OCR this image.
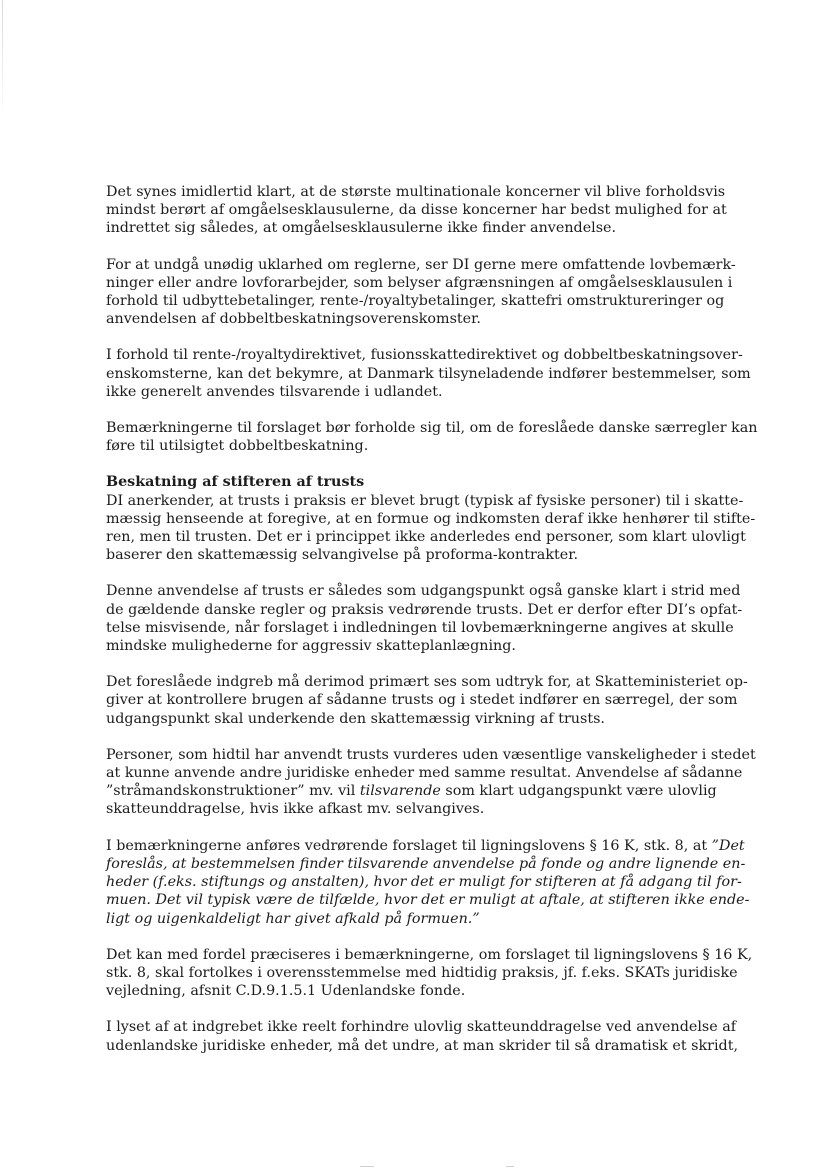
Det synes imidlertid klart, at de største multinationale koncerner vil blive forholdsvis
mindst berørt af omgåelsesklausulerne, da disse koncerner har bedst mulighed for at
indrettet sig således, at omgåelsesklausulerne ikke finder anvendelse.

For at undgå unødig uklarhed om reglerne, ser DI gerne mere omfattende lovbemærk-
ninger eller andre lovforarbejder, som belyser afgrænsningen af omgåelsesklausulen i
forhold til udbyttebetalinger, rente-/royaltybetalinger, skattefri omstruktureringer og
anvendelsen af dobbeltbeskatningsoverenskomster.

I forhold til rente-/royaltydirektivet, fusionsskattedirektivet og dobbeltbeskatningsover-
enskomsterne, kan det bekymre, at Danmark tilsyneladende indfører bestemmelser, som
ikke generelt anvendes tilsvarende i udlandet.

Bemærkningerne til forslaget bør forholde sig til, om de foreslåede danske særregler kan
føre til utilsigtet dobbeltbeskatning.

Beskatning af stifteren af trusts
DI anerkender, at trusts i praksis er blevet brugt (typisk af fysiske personer) til i skatte-
mæssig henseende at foregive, at en formue og indkomsten deraf ikke henhører til stifte-
ren, men til trusten. Det er i princippet ikke anderledes end personer, som klart ulovligt
baserer den skattemæssig selvangivelse på proforma-kontrakter.

Denne anvendelse af trusts er således som udgangspunkt også ganske klart i strid med
de gældende danske regler og praksis vedrørende trusts. Det er derfor efter DI’s opfat-
telse misvisende, når forslaget i indledningen til lovbemærkningerne angives at skulle
mindske mulighederne for aggressiv skatteplanlægning.

Det foreslåede indgreb må derimod primært ses som udtryk for, at Skatteministeriet op-
giver at kontrollere brugen af sådanne trusts og i stedet indfører en særregel, der som
udgangspunkt skal underkende den skattemæssig virkning af trusts.

Personer, som hidtil har anvendt trusts vurderes uden væsentlige vanskeligheder i stedet
at kunne anvende andre juridiske enheder med samme resultat. Anvendelse af sådanne
”stråmandskonstruktioner” mv. vil tilsvarende som klart udgangspunkt være ulovlig
skatteunddragelse, hvis ikke afkast mv. selvangives.

I bemærkningerne anføres vedrørende forslaget til ligningslovens § 16 K, stk. 8, at ”Det
foreslås, at bestemmelsen finder tilsvarende anvendelse på fonde og andre lignende en-
heder (f.eks. stiftungs og anstalten), hvor det er muligt for stifteren at få adgang til for-
muen. Det vil typisk være de tilfælde, hvor det er muligt at aftale, at stifteren ikke ende-
ligt og uigenkaldeligt har givet afkald på formuen.”

Det kan med fordel præciseres i bemærkningerne, om forslaget til ligningslovens § 16 K,
stk. 8, skal fortolkes i overensstemmelse med hidtidig praksis, jf. f.eks. SKATs juridiske
vejledning, afsnit C.D.9.1.5.1 Udenlandske fonde.

I lyset af at indgrebet ikke reelt forhindre ulovlig skatteunddragelse ved anvendelse af
udenlandske juridiske enheder, må det undre, at man skrider til så dramatisk et skridt,
